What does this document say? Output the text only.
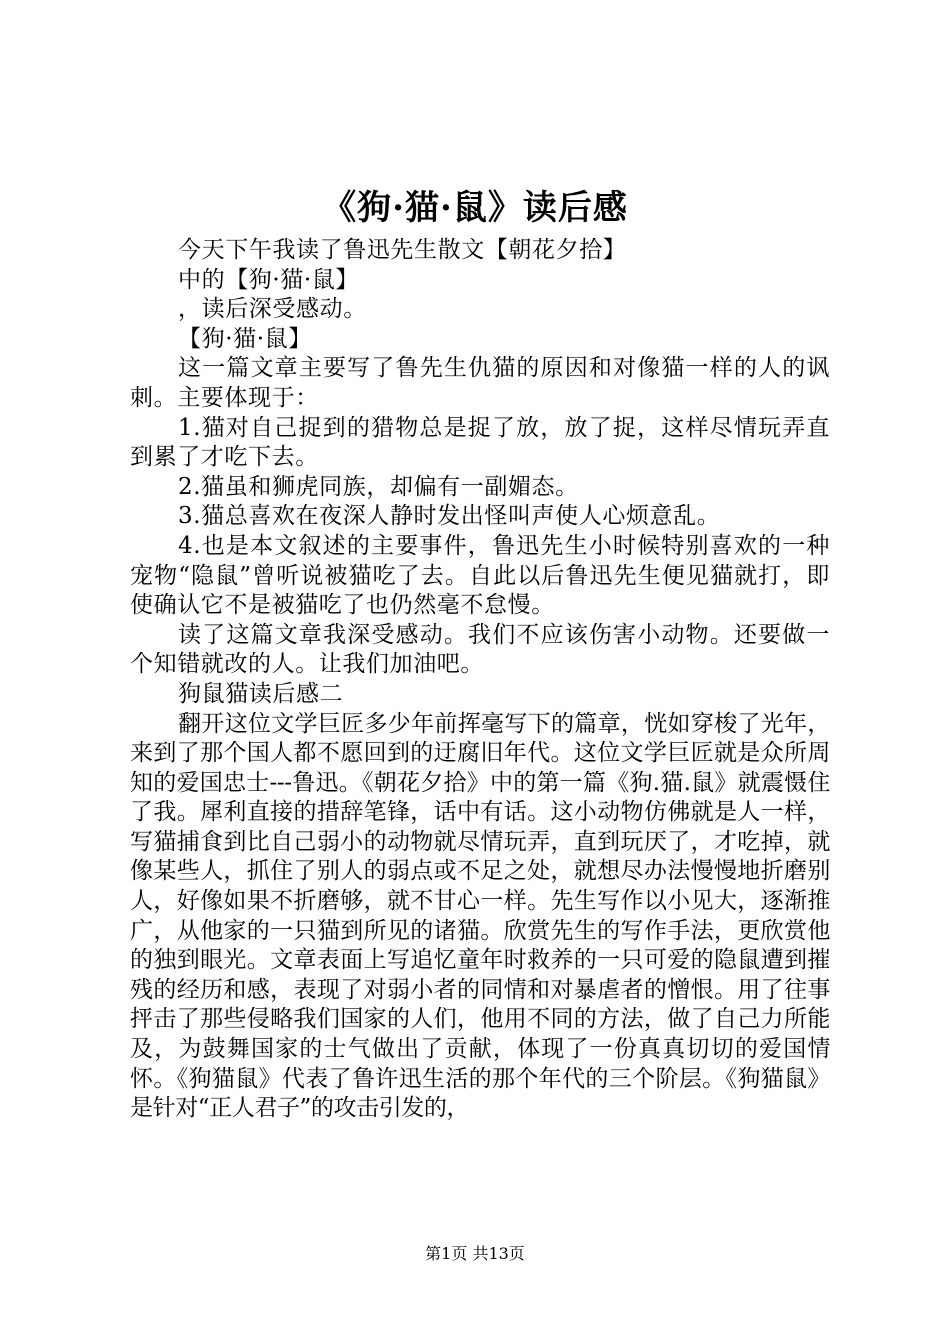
《狗·猫·鼠》读后感

今天下午我读了鲁迅先生散文【朝花夕拾】

中的【狗·猫·鼠】

，读后深受感动。

【狗·猫·鼠】

这一篇文章主要写了鲁先生仇猫的原因和对像猫一样的人的讽刺。主要体现于：

1.猫对自己捉到的猎物总是捉了放，放了捉，这样尽情玩弄直到累了才吃下去。

2.猫虽和狮虎同族，却偏有一副媚态。

3.猫总喜欢在夜深人静时发出怪叫声使人心烦意乱。

4.也是本文叙述的主要事件，鲁迅先生小时候特别喜欢的一种宠物“隐鼠”曾听说被猫吃了去。自此以后鲁迅先生便见猫就打，即使确认它不是被猫吃了也仍然毫不怠慢。

读了这篇文章我深受感动。我们不应该伤害小动物。还要做一个知错就改的人。让我们加油吧。

狗鼠猫读后感二

翻开这位文学巨匠多少年前挥毫写下的篇章，恍如穿梭了光年，来到了那个国人都不愿回到的迂腐旧年代。这位文学巨匠就是众所周知的爱国忠士---鲁迅。《朝花夕拾》中的第一篇《狗.猫.鼠》就震慑住了我。犀利直接的措辞笔锋，话中有话。这小动物仿佛就是人一样，写猫捕食到比自己弱小的动物就尽情玩弄，直到玩厌了，才吃掉，就像某些人，抓住了别人的弱点或不足之处，就想尽办法慢慢地折磨别人，好像如果不折磨够，就不甘心一样。先生写作以小见大，逐渐推广，从他家的一只猫到所见的诸猫。欣赏先生的写作手法，更欣赏他的独到眼光。文章表面上写追忆童年时救养的一只可爱的隐鼠遭到摧残的经历和感，表现了对弱小者的同情和对暴虐者的憎恨。用了往事抨击了那些侵略我们国家的人们，他用不同的方法，做了自己力所能及，为鼓舞国家的士气做出了贡献，体现了一份真真切切的爱国情怀。《狗猫鼠》代表了鲁许迅生活的那个年代的三个阶层。《狗猫鼠》是针对“正人君子”的攻击引发的，

第1页 共13页
